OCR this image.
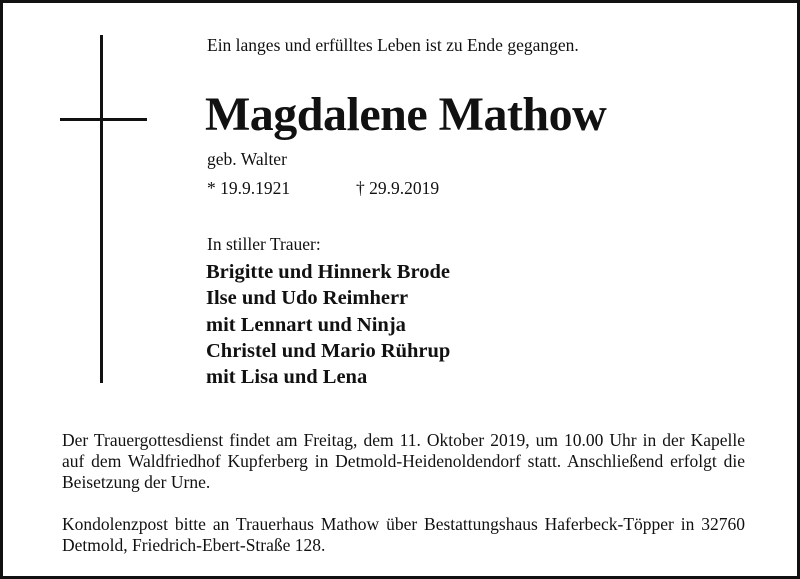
Ein langes und erfülltes Leben ist zu Ende gegangen.
Magdalene Mathow
geb. Walter
* 19.9.1921	† 29.9.2019
In stiller Trauer:
Brigitte und Hinnerk Brode
Ilse und Udo Reimherr
mit Lennart und Ninja
Christel und Mario Rührup
mit Lisa und Lena

Der Trauergottesdienst findet am Freitag, dem 11. Oktober 2019, um 10.00 Uhr in der Kapelle auf dem Waldfriedhof Kupferberg in Detmold-Heidenoldendorf statt. Anschließend erfolgt die Beisetzung der Urne.

Kondolenzpost bitte an Trauerhaus Mathow über Bestattungshaus Haferbeck-Töpper in 32760 Detmold, Friedrich-Ebert-Straße 128.
